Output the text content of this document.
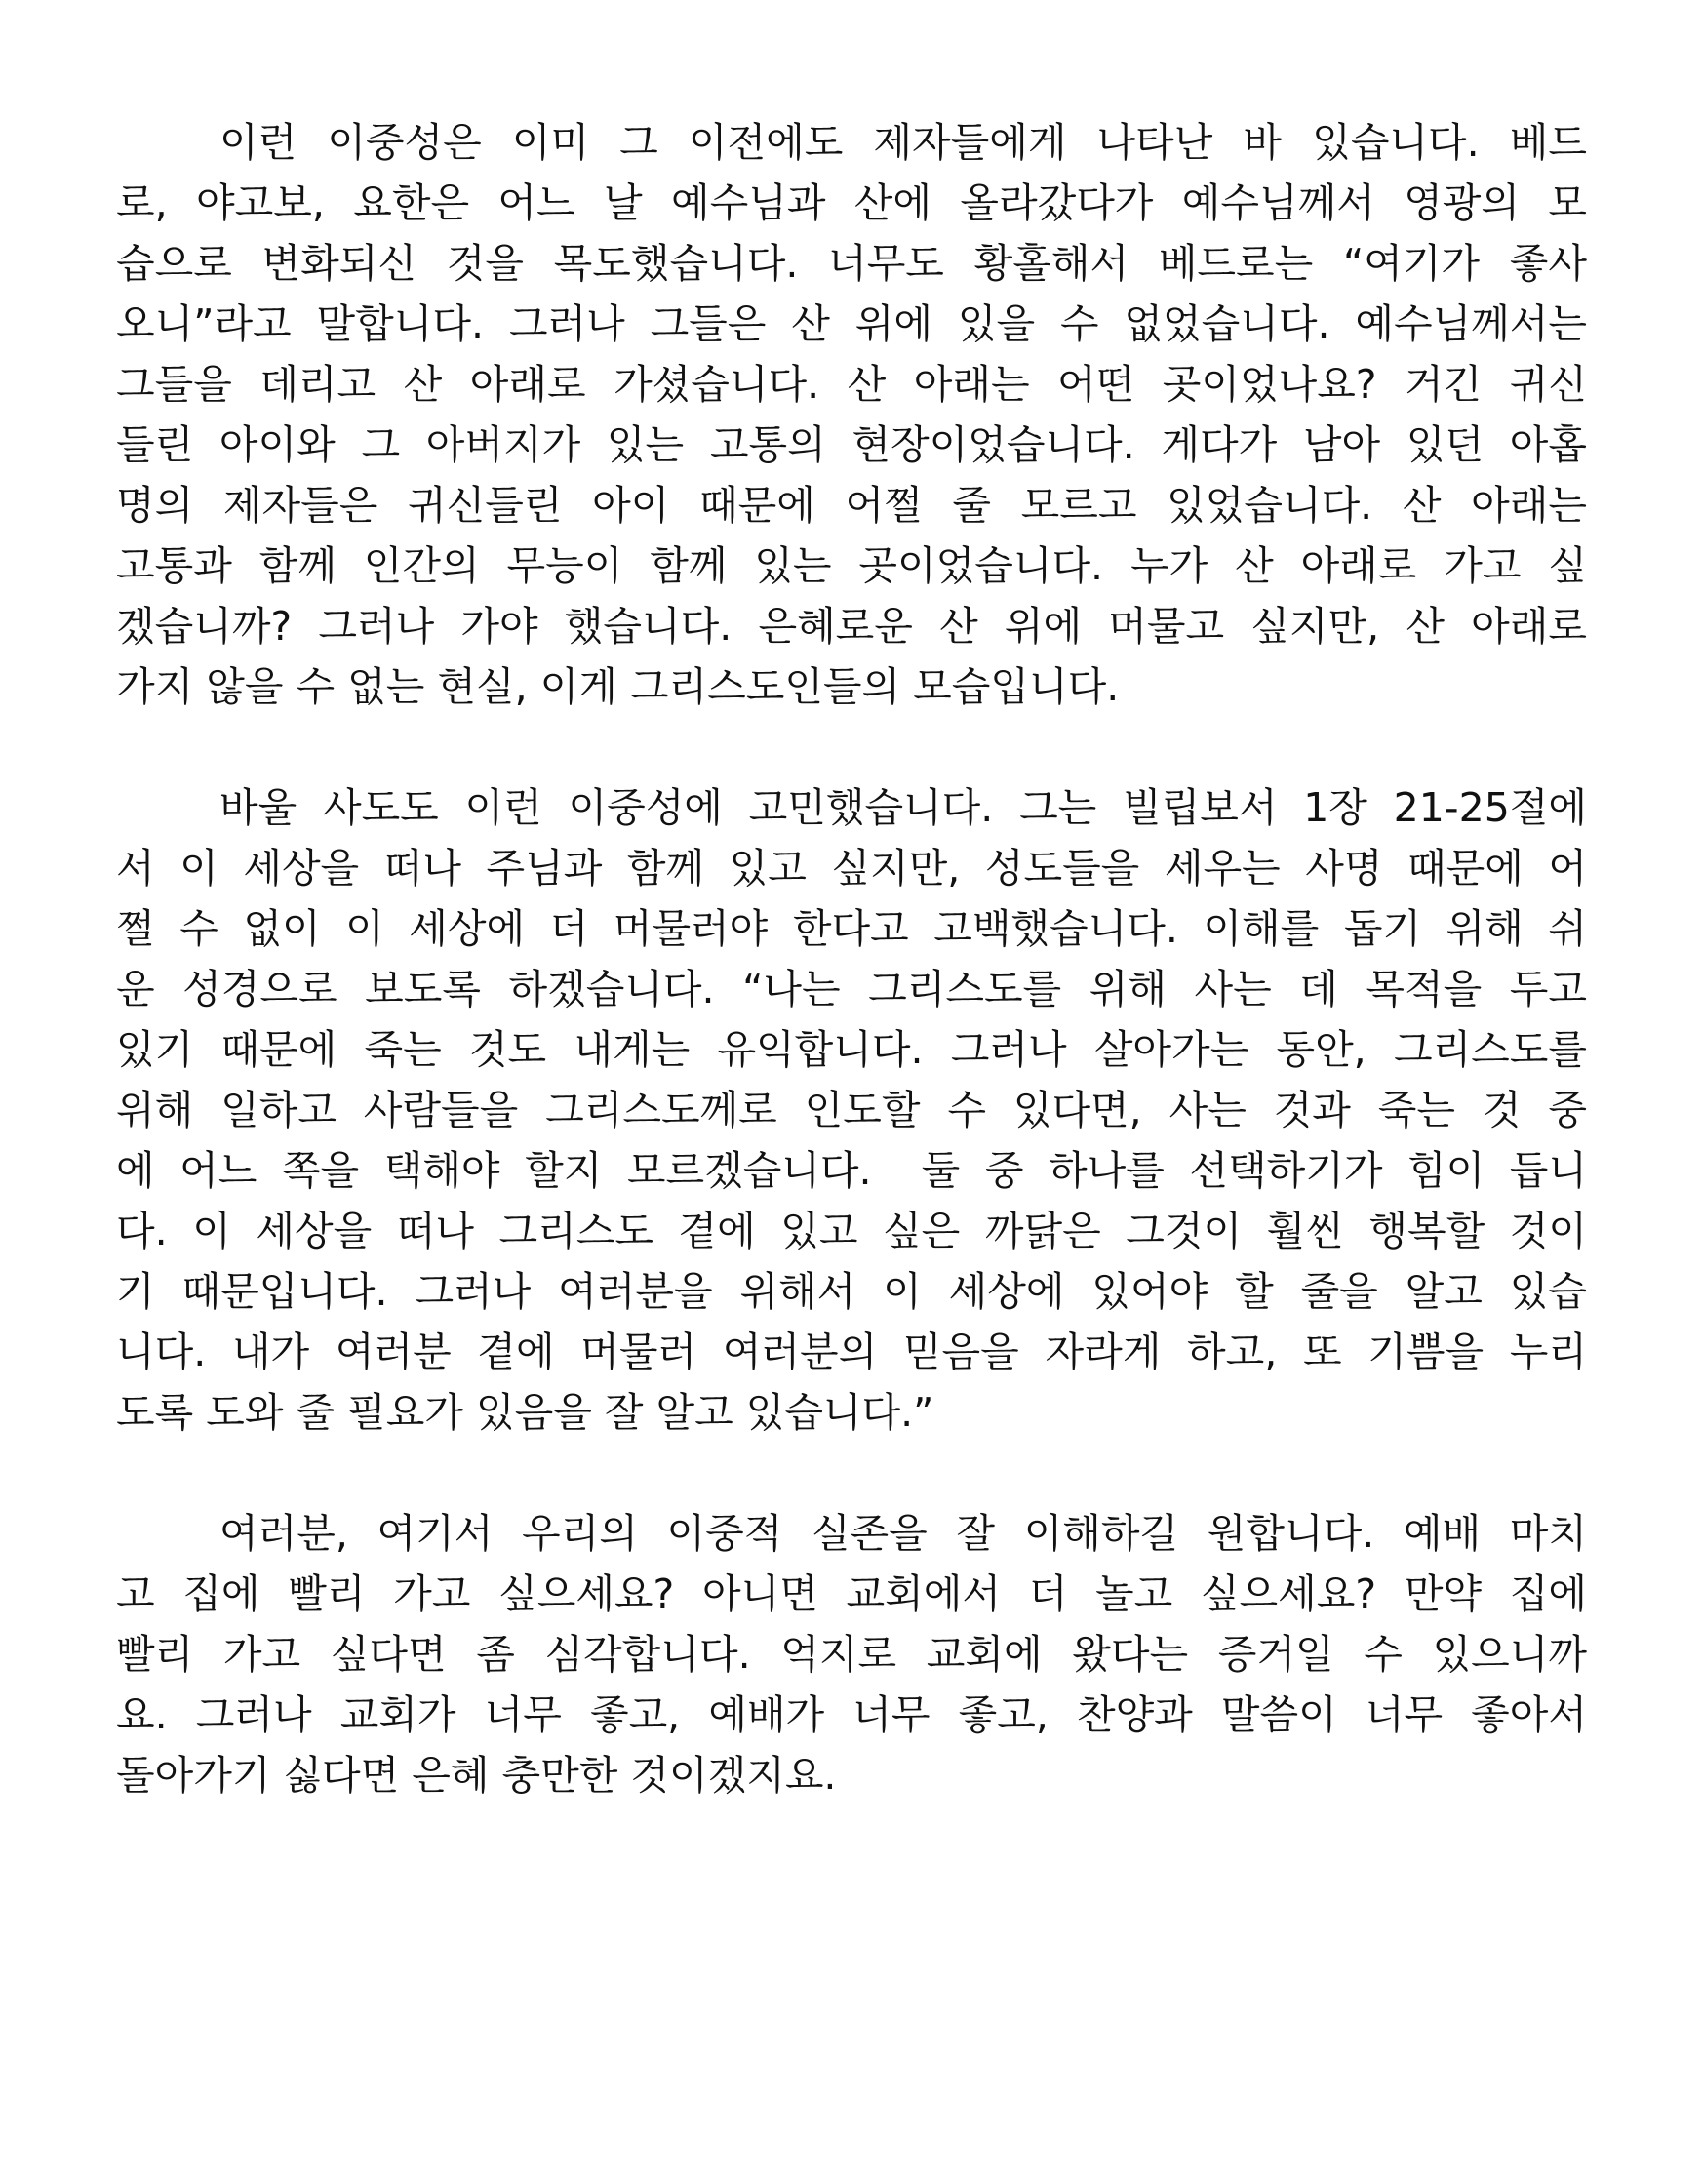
이런 이중성은 이미 그 이전에도 제자들에게 나타난 바 있습니다. 베드
로, 야고보, 요한은 어느 날 예수님과 산에 올라갔다가 예수님께서 영광의 모
습으로 변화되신 것을 목도했습니다. 너무도 황홀해서 베드로는 “여기가 좋사
오니”라고 말합니다. 그러나 그들은 산 위에 있을 수 없었습니다. 예수님께서는
그들을 데리고 산 아래로 가셨습니다. 산 아래는 어떤 곳이었나요? 거긴 귀신
들린 아이와 그 아버지가 있는 고통의 현장이었습니다. 게다가 남아 있던 아홉
명의 제자들은 귀신들린 아이 때문에 어쩔 줄 모르고 있었습니다. 산 아래는
고통과 함께 인간의 무능이 함께 있는 곳이었습니다. 누가 산 아래로 가고 싶
겠습니까? 그러나 가야 했습니다. 은혜로운 산 위에 머물고 싶지만, 산 아래로
가지 않을 수 없는 현실, 이게 그리스도인들의 모습입니다.
바울 사도도 이런 이중성에 고민했습니다. 그는 빌립보서 1장 21-25절에
서 이 세상을 떠나 주님과 함께 있고 싶지만, 성도들을 세우는 사명 때문에 어
쩔 수 없이 이 세상에 더 머물러야 한다고 고백했습니다. 이해를 돕기 위해 쉬
운 성경으로 보도록 하겠습니다. “나는 그리스도를 위해 사는 데 목적을 두고
있기 때문에 죽는 것도 내게는 유익합니다. 그러나 살아가는 동안, 그리스도를
위해 일하고 사람들을 그리스도께로 인도할 수 있다면, 사는 것과 죽는 것 중
에 어느 쪽을 택해야 할지 모르겠습니다.  둘 중 하나를 선택하기가 힘이 듭니
다. 이 세상을 떠나 그리스도 곁에 있고 싶은 까닭은 그것이 훨씬 행복할 것이
기 때문입니다. 그러나 여러분을 위해서 이 세상에 있어야 할 줄을 알고 있습
니다. 내가 여러분 곁에 머물러 여러분의 믿음을 자라게 하고, 또 기쁨을 누리
도록 도와 줄 필요가 있음을 잘 알고 있습니다.”
여러분, 여기서 우리의 이중적 실존을 잘 이해하길 원합니다. 예배 마치
고 집에 빨리 가고 싶으세요? 아니면 교회에서 더 놀고 싶으세요? 만약 집에
빨리 가고 싶다면 좀 심각합니다. 억지로 교회에 왔다는 증거일 수 있으니까
요. 그러나 교회가 너무 좋고, 예배가 너무 좋고, 찬양과 말씀이 너무 좋아서
돌아가기 싫다면 은혜 충만한 것이겠지요.
